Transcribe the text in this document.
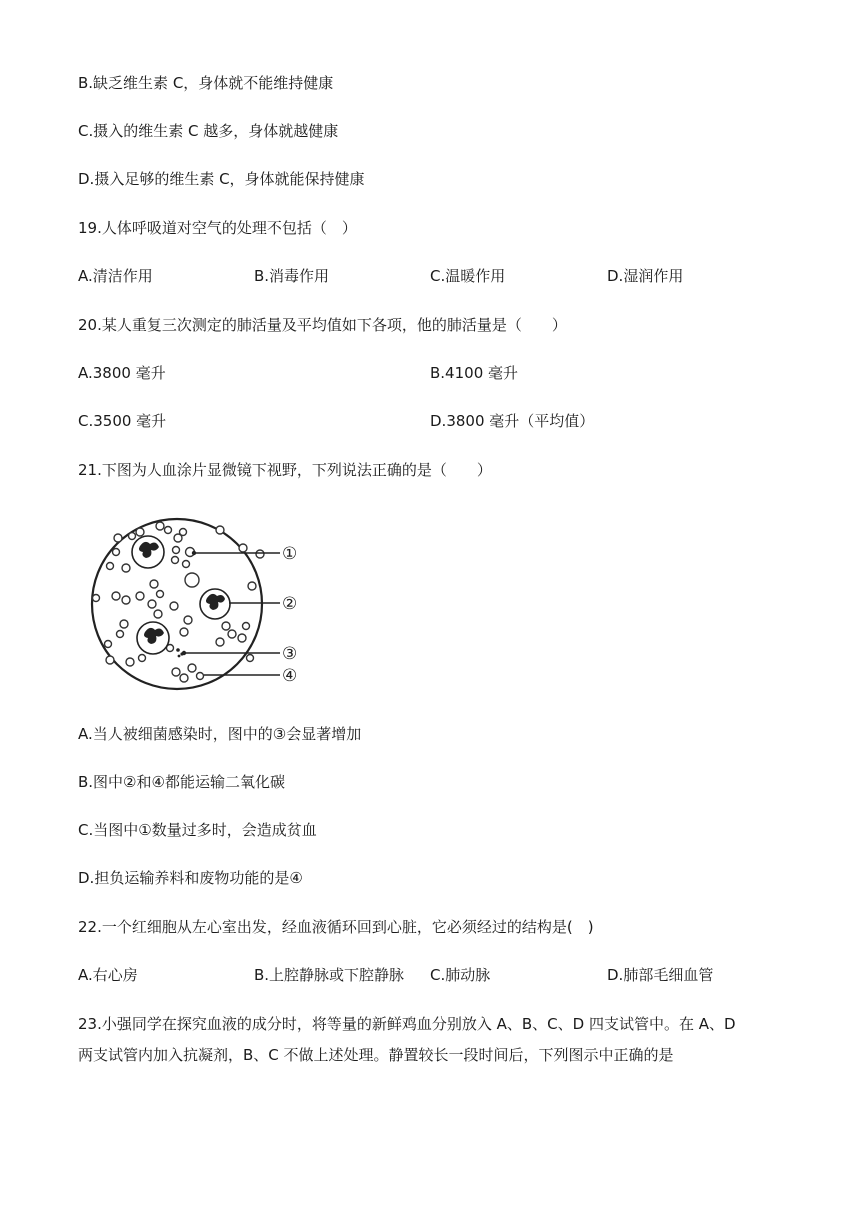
B.缺乏维生素 C，身体就不能维持健康
C.摄入的维生素 C 越多，身体就越健康
D.摄入足够的维生素 C，身体就能保持健康
19.人体呼吸道对空气的处理不包括（　）
A.清洁作用	B.消毒作用	C.温暖作用	D.湿润作用
20.某人重复三次测定的肺活量及平均值如下各项，他的肺活量是（　　）
A.3800 毫升	B.4100 毫升
C.3500 毫升	D.3800 毫升（平均值）
21.下图为人血涂片显微镜下视野，下列说法正确的是（　　）
①
②
③
④
A.当人被细菌感染时，图中的③会显著增加
B.图中②和④都能运输二氧化碳
C.当图中①数量过多时，会造成贫血
D.担负运输养料和废物功能的是④
22.一个红细胞从左心室出发，经血液循环回到心脏，它必须经过的结构是(　)
A.右心房	B.上腔静脉或下腔静脉 C.肺动脉	D.肺部毛细血管
23.小强同学在探究血液的成分时，将等量的新鲜鸡血分别放入 A、B、C、D 四支试管中。在 A、D
两支试管内加入抗凝剂，B、C 不做上述处理。静置较长一段时间后，下列图示中正确的是
